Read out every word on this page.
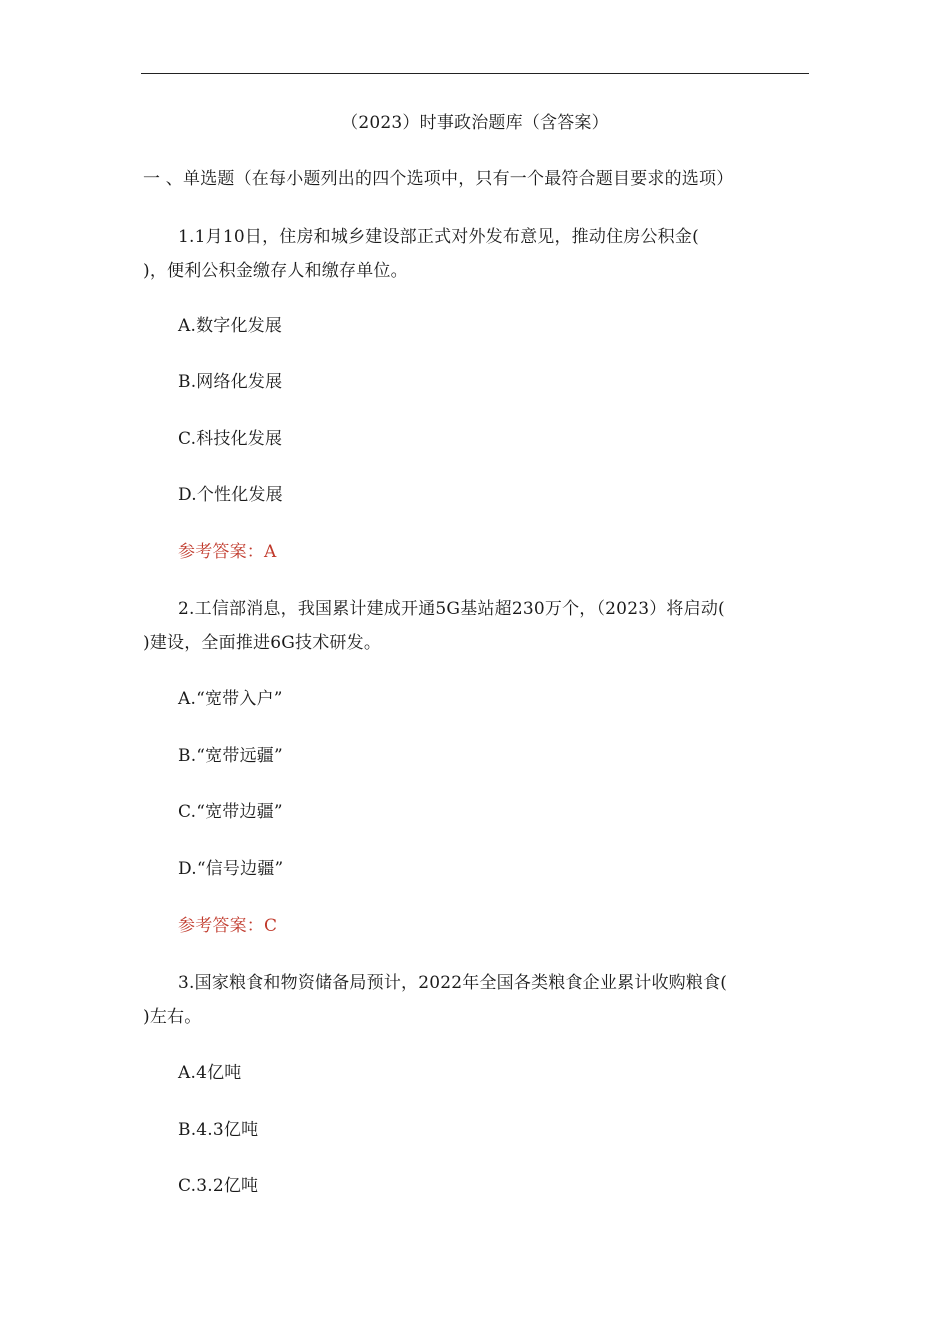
（2023）时事政治题库（含答案）
一 、单选题（在每小题列出的四个选项中，只有一个最符合题目要求的选项）
1.1月10日，住房和城乡建设部正式对外发布意见，推动住房公积金(
)，便利公积金缴存人和缴存单位。
A.数字化发展
B.网络化发展
C.科技化发展
D.个性化发展
参考答案：A
2.工信部消息，我国累计建成开通5G基站超230万个，（2023）将启动(
)建设，全面推进6G技术研发。
A.“宽带入户”
B.“宽带远疆”
C.“宽带边疆”
D.“信号边疆”
参考答案：C
3.国家粮食和物资储备局预计，2022年全国各类粮食企业累计收购粮食(
)左右。
A.4亿吨
B.4.3亿吨
C.3.2亿吨
